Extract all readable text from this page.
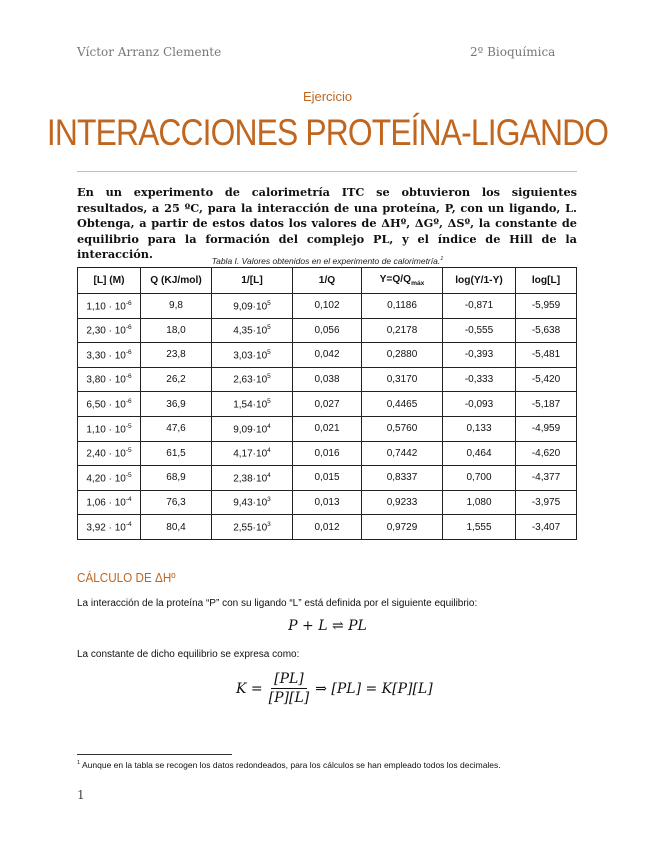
Víctor Arranz Clemente	2º Bioquímica
Ejercicio
INTERACCIONES PROTEÍNA-LIGANDO
En un experimento de calorimetría ITC se obtuvieron los siguientes resultados, a 25 ºC, para la interacción de una proteína, P, con un ligando, L. Obtenga, a partir de estos datos los valores de ΔHº, ΔGº, ΔSº, la constante de equilibrio para la formación del complejo PL, y el índice de Hill de la interacción.	Tabla I. Valores obtenidos en el experimento de calorimetría.$^1$
[L] (M)	Q (KJ/mol)	1/[L]	1/Q	$Y=Q/Q_{máx}$	log(Y/1-Y)	log[L]
$1,10 \cdot 10^{-6}$	9,8	$9,09\cdot 10^5$	0,102	0,1186	-0,871	-5,959
$2,30 \cdot 10^{-6}$	18,0	$4,35\cdot 10^5$	0,056	0,2178	-0,555	-5,638
$3,30 \cdot 10^{-6}$	23,8	$3,03\cdot 10^5$	0,042	0,2880	-0,393	-5,481
$3,80 \cdot 10^{-6}$	26,2	$2,63\cdot 10^5$	0,038	0,3170	-0,333	-5,420
$6,50 \cdot 10^{-6}$	36,9	$1,54\cdot 10^5$	0,027	0,4465	-0,093	-5,187
$1,10 \cdot 10^{-5}$	47,6	$9,09\cdot 10^4$	0,021	0,5760	0,133	-4,959
$2,40 \cdot 10^{-5}$	61,5	$4,17\cdot 10^4$	0,016	0,7442	0,464	-4,620
$4,20 \cdot 10^{-5}$	68,9	$2,38\cdot 10^4$	0,015	0,8337	0,700	-4,377
$1,06 \cdot 10^{-4}$	76,3	$9,43\cdot 10^3$	0,013	0,9233	1,080	-3,975
$3,92 \cdot 10^{-4}$	80,4	$2,55\cdot 10^3$	0,012	0,9729	1,555	-3,407
CÁLCULO DE ΔHº
La interacción de la proteína “P” con su ligando “L” está definida por el siguiente equilibrio:
P + L ⇌ PL
La constante de dicho equilibrio se expresa como:
$K = \frac{[PL]}{[P][L]}$ ⇒ [PL] = K[P][L]
$^1$ Aunque en la tabla se recogen los datos redondeados, para los cálculos se han empleado todos los decimales.
1
